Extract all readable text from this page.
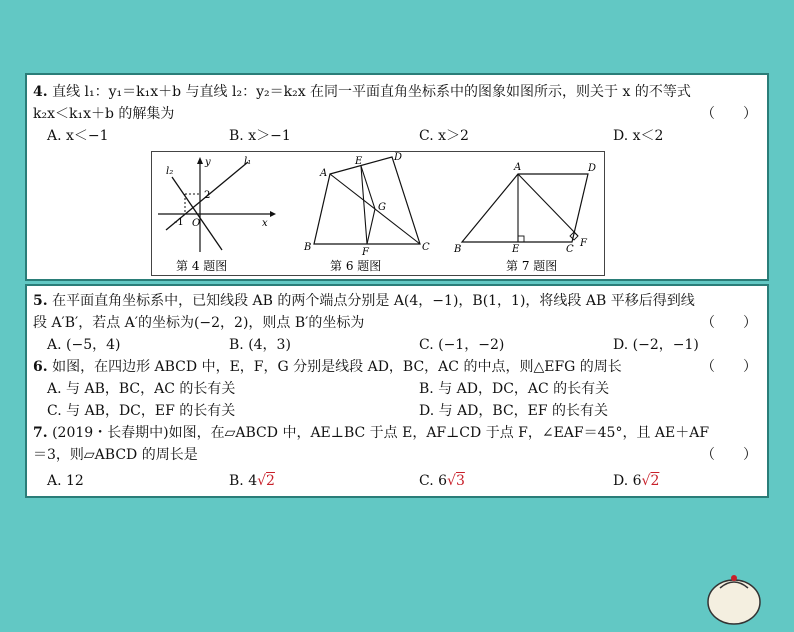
4. 直线 l₁：y₁＝k₁x＋b 与直线 l₂：y₂＝k₂x 在同一平面直角坐标系中的图象如图所示，则关于 x 的不等式
k₂x＜k₁x＋b 的解集为	（　　）
A. x＜−1	B. x＞−1	C. x＞2	D. x＜2
l₂
l₁
y
x
2
-1 O
第 4 题图
A
E	D
G
B	F	C
第 6 题图
A	D
B	E	C
F
第 7 题图
5. 在平面直角坐标系中，已知线段 AB 的两个端点分别是 A(4，−1)，B(1，1)，将线段 AB 平移后得到线
段 A′B′，若点 A′的坐标为(−2，2)，则点 B′的坐标为	（　　）
A. (−5，4)	B. (4，3)	C. (−1，−2)	D. (−2，−1)
6. 如图，在四边形 ABCD 中，E，F，G 分别是线段 AD，BC，AC 的中点，则△EFG 的周长	（　　）
A. 与 AB，BC，AC 的长有关	B. 与 AD，DC，AC 的长有关
C. 与 AB，DC，EF 的长有关	D. 与 AD，BC，EF 的长有关
7. (2019・长春期中)如图，在▱ABCD 中，AE⊥BC 于点 E，AF⊥CD 于点 F，∠EAF＝45°，且 AE＋AF
＝3，则▱ABCD 的周长是	（　　）
A. 12	B. 4√2	C. 6√3	D. 6√2
